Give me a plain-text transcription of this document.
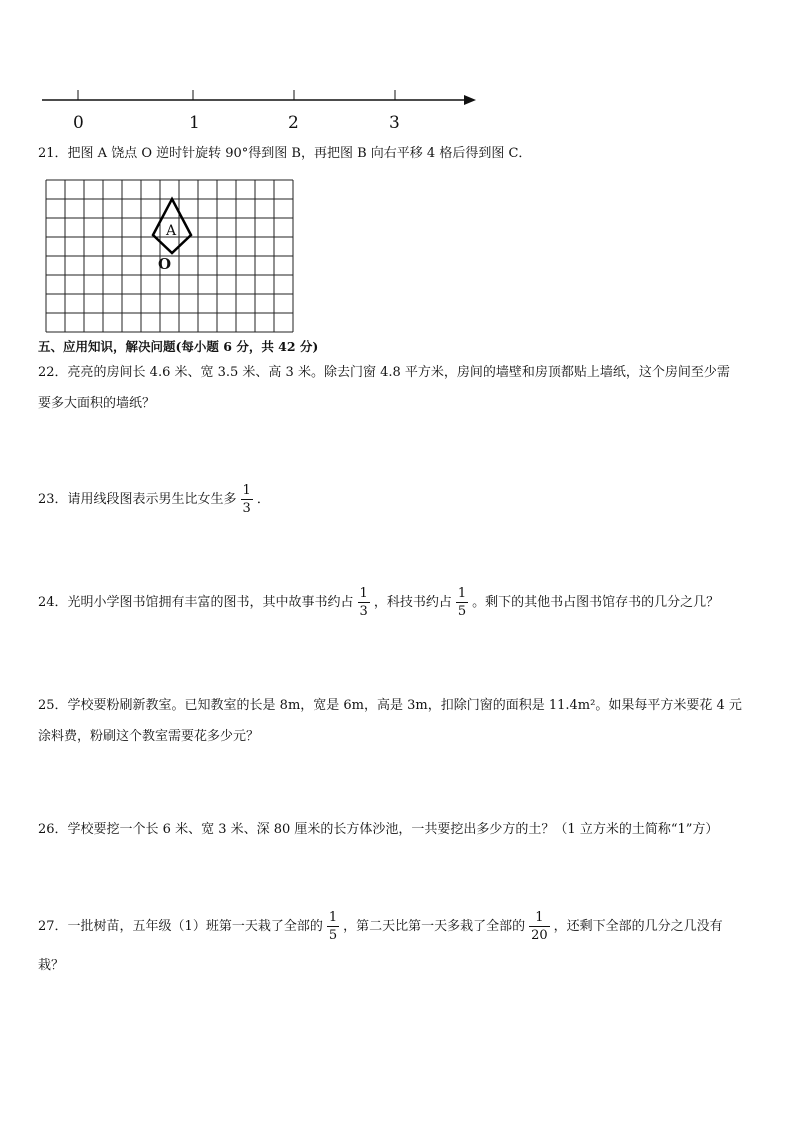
0	1	2	3
21．把图 A 饶点 O 逆时针旋转 90°得到图 B，再把图 B 向右平移 4 格后得到图 C．
A
O
五、应用知识，解决问题(每小题 6 分，共 42 分)
22．亮亮的房间长 4.6 米、宽 3.5 米、高 3 米。除去门窗 4.8 平方米，房间的墙壁和房顶都贴上墙纸，这个房间至少需
要多大面积的墙纸？
23．请用线段图表示男生比女生多 $\frac{1}{3}$ ．
24．光明小学图书馆拥有丰富的图书，其中故事书约占 $\frac{1}{3}$ ，科技书约占 $\frac{1}{5}$ 。剩下的其他书占图书馆存书的几分之几？
25．学校要粉刷新教室。已知教室的长是 8m，宽是 6m，高是 3m，扣除门窗的面积是 11.4m²。如果每平方米要花 4 元
涂料费，粉刷这个教室需要花多少元？
26．学校要挖一个长 6 米、宽 3 米、深 80 厘米的长方体沙池，一共要挖出多少方的土？（1 立方米的土简称“1”方）
27．一批树苗，五年级（1）班第一天栽了全部的 $\frac{1}{5}$ ，第二天比第一天多栽了全部的 $\frac{1}{20}$ ，还剩下全部的几分之几没有
栽？
